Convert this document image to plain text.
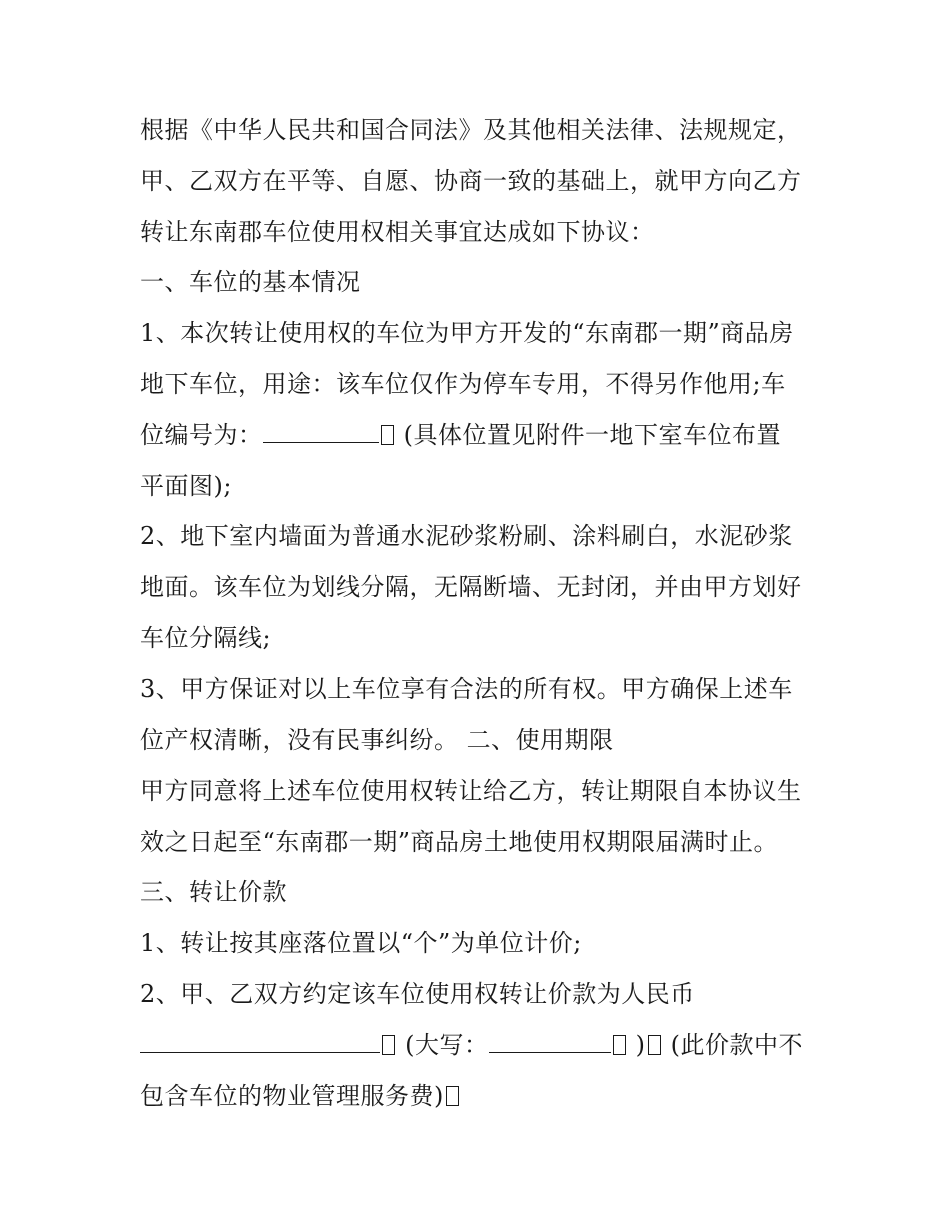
根据《中华人民共和国合同法》及其他相关法律、法规规定，
甲、乙双方在平等、自愿、协商一致的基础上，就甲方向乙方
转让东南郡车位使用权相关事宜达成如下协议：
一、车位的基本情况
1、本次转让使用权的车位为甲方开发的“东南郡一期”商品房
地下车位，用途：该车位仅作为停车专用，不得另作他用;车
位编号为：	(具体位置见附件一地下室车位布置
平面图);
2、地下室内墙面为普通水泥砂浆粉刷、涂料刷白，水泥砂浆
地面。该车位为划线分隔，无隔断墙、无封闭，并由甲方划好
车位分隔线;
3、甲方保证对以上车位享有合法的所有权。甲方确保上述车
位产权清晰，没有民事纠纷。 二、使用期限
甲方同意将上述车位使用权转让给乙方，转让期限自本协议生
效之日起至“东南郡一期”商品房土地使用权期限届满时止。
三、转让价款
1、转让按其座落位置以“个”为单位计价;
2、甲、乙双方约定该车位使用权转让价款为人民币
(大写：	) (此价款中不
包含车位的物业管理服务费)
